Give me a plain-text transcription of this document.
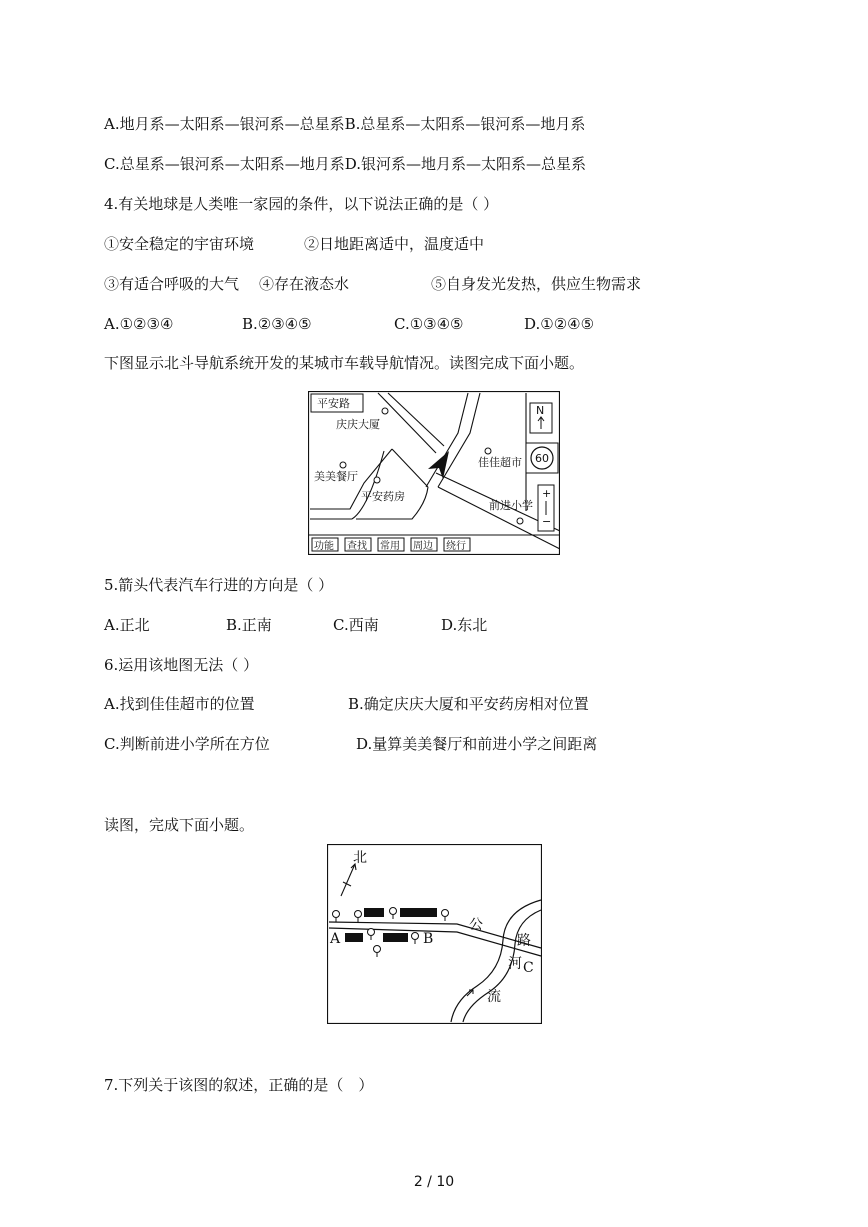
A.地月系—太阳系—银河系—总星系B.总星系—太阳系—银河系—地月系
C.总星系—银河系—太阳系—地月系D.银河系—地月系—太阳系—总星系
4.有关地球是人类唯一家园的条件，以下说法正确的是（ ）
①安全稳定的宇宙环境	②日地距离适中，温度适中
③有适合呼吸的大气 ④存在液态水	⑤自身发光发热，供应生物需求
A.①②③④	B.②③④⑤	C.①③④⑤	D.①②④⑤
下图显示北斗导航系统开发的某城市车载导航情况。读图完成下面小题。
平安路
庆庆大厦
美美餐厅
平安药房
佳佳超市
前进小学
N
60
+
−
功能 查找 常用 周边 绕行
5.箭头代表汽车行进的方向是（ ）
A.正北	B.正南	C.西南	D.东北
6.运用该地图无法（ ）
A.找到佳佳超市的位置	B.确定庆庆大厦和平安药房相对位置
C.判断前进小学所在方位	D.量算美美餐厅和前进小学之间距离
读图，完成下面小题。
北
A	B
C
公
路
河
流
7.下列关于该图的叙述，正确的是（　）
2 / 10
